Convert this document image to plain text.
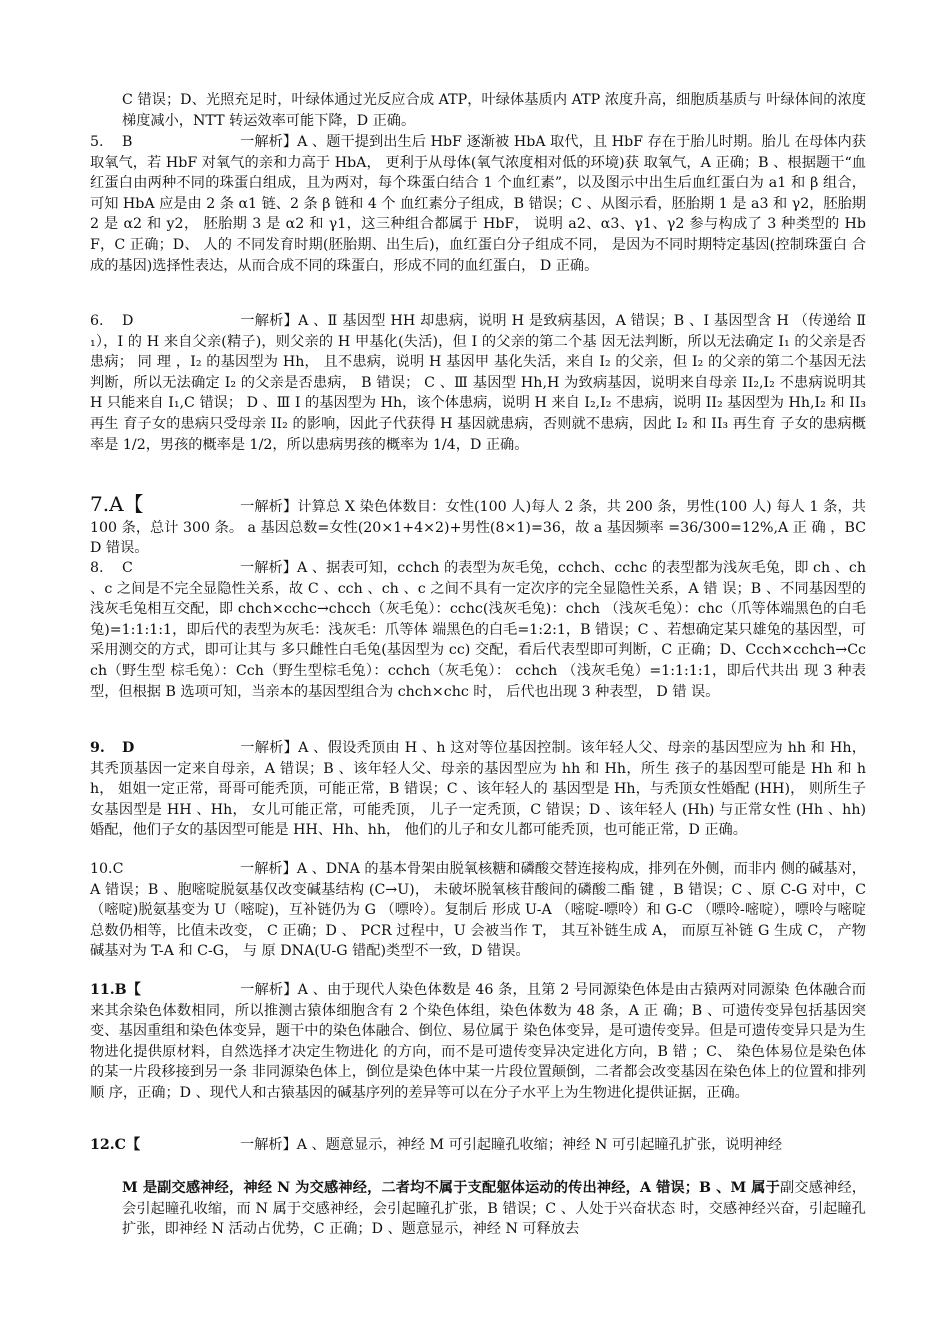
C 错误；D、光照充足时，叶绿体通过光反应合成 ATP，叶绿体基质内 ATP 浓度升高，细胞质基质与 叶绿体间的浓度梯度减小，NTT 转运效率可能下降，D 正确。
5. B	一解析】A 、题干提到出生后 HbF 逐渐被 HbA 取代，且 HbF 存在于胎儿时期。胎儿 在母体内获取氧气，若 HbF 对氧气的亲和力高于 HbA， 更利于从母体(氧气浓度相对低的环境)获 取氧气，A 正确；B 、根据题干“血红蛋白由两种不同的珠蛋白组成，且为两对，每个珠蛋白结合 1 个血红素”，以及图示中出生后血红蛋白为 a1 和 β 组合，可知 HbA 应是由 2 条 α1 链、2 条 β 链和 4 个 血红素分子组成，B 错误；C 、从图示看，胚胎期 1 是 a3 和 γ2，胚胎期 2 是 α2 和 y2， 胚胎期 3 是 α2 和 γ1，这三种组合都属于 HbF， 说明 a2、α3、γ1、γ2 参与构成了 3 种类型的 HbF，C 正确；D、 人的 不同发育时期(胚胎期、出生后)，血红蛋白分子组成不同， 是因为不同时期特定基因(控制珠蛋白 合成的基因)选择性表达，从而合成不同的珠蛋白，形成不同的血红蛋白， D 正确。
6. D	一解析】A 、Ⅱ 基因型 HH 却患病，说明 H 是致病基因，A 错误；B 、I 基因型含 H （传递给 Ⅱ₁），I 的 H 来自父亲(精子)，则父亲的 H 甲基化(失活)，但 I 的父亲的第二个基 因无法判断，所以无法确定 I₁ 的父亲是否患病； 同 理 ，I₂ 的基因型为 Hh， 且不患病，说明 H 基因甲 基化失活，来自 I₂ 的父亲，但 I₂ 的父亲的第二个基因无法判断，所以无法确定 I₂ 的父亲是否患病， B 错误； C 、Ⅲ 基因型 Hh,H 为致病基因，说明来自母亲 II₂,I₂ 不患病说明其 H 只能来自 I₁,C 错误； D 、Ⅲ I 的基因型为 Hh，该个体患病，说明 H 来自 I₂,I₂ 不患病，说明 II₂ 基因型为 Hh,I₂ 和 II₃ 再生 育子女的患病只受母亲 II₂ 的影响，因此子代获得 H 基因就患病，否则就不患病，因此 I₂ 和 II₃ 再生育 子女的患病概率是 1/2，男孩的概率是 1/2，所以患病男孩的概率为 1/4，D 正确。
7.A【	一解析】计算总 X 染色体数目：女性(100 人)每人 2 条，共 200 条，男性(100 人) 每人 1 条，共 100 条，总计 300 条。 a 基因总数=女性(20×1+4×2)+男性(8×1)=36，故 a 基因频率 =36/300=12%,A 正 确 ，BCD 错误。
8. C	一解析】A 、据表可知，cchch 的表型为灰毛兔，cchch、cchc 的表型都为浅灰毛兔，即 ch 、ch 、c 之间是不完全显隐性关系，故 C 、cch 、ch 、c 之间不具有一定次序的完全显隐性关系，A 错 误；B 、不同基因型的浅灰毛兔相互交配，即 chch×cchc→chcch（灰毛兔）：cchc(浅灰毛兔)：chch （浅灰毛兔）：chc（爪等体端黑色的白毛兔)=1:1:1:1，即后代的表型为灰毛：浅灰毛：爪等体 端黑色的白毛=1:2:1，B 错误；C 、若想确定某只雄兔的基因型，可采用测交的方式，即可让其与 多只雌性白毛兔(基因型为 cc) 交配，看后代表型即可判断，C 正确；D、Ccch×cchch→Ccch（野生型 棕毛兔）：Cch（野生型棕毛兔）：cchch（灰毛兔）： cchch （浅灰毛兔）=1:1:1:1，即后代共出 现 3 种表型，但根据 B 选项可知，当亲本的基因型组合为 chch×chc 时， 后代也出现 3 种表型， D 错 误。
9. D	一解析】A 、假设秃顶由 H 、h 这对等位基因控制。该年轻人父、母亲的基因型应为 hh 和 Hh，其秃顶基因一定来自母亲，A 错误；B 、该年轻人父、母亲的基因型应为 hh 和 Hh，所生 孩子的基因型可能是 Hh 和 hh， 姐姐一定正常，哥哥可能秃顶，可能正常，B 错误；C 、该年轻人的 基因型是 Hh，与秃顶女性婚配 (HH)， 则所生子女基因型是 HH 、Hh， 女儿可能正常，可能秃顶， 儿子一定秃顶，C 错误；D 、该年轻人 (Hh) 与正常女性 (Hh 、hh) 婚配，他们子女的基因型可能是 HH、Hh、hh， 他们的儿子和女儿都可能秃顶，也可能正常，D 正确。
10.C	一解析】A 、DNA 的基本骨架由脱氧核糖和磷酸交替连接构成，排列在外侧，而非内 侧的碱基对，A 错误；B 、胞嘧啶脱氨基仅改变碱基结构 (C→U)， 未破坏脱氧核苷酸间的磷酸二酯 键 ，B 错误；C 、原 C-G 对中，C （嘧啶)脱氨基变为 U（嘧啶)，互补链仍为 G （嘌呤）。复制后 形成 U-A （嘧啶-嘌呤）和 G-C （嘌呤-嘧啶），嘌呤与嘧啶总数仍相等，比值未改变， C 正确；D 、 PCR 过程中，U 会被当作 T， 其互补链生成 A， 而原互补链 G 生成 C， 产物碱基对为 T-A 和 C-G， 与 原 DNA(U-G 错配)类型不一致，D 错误。
11.B【	一解析】A 、由于现代人染色体数是 46 条，且第 2 号同源染色体是由古猿两对同源染 色体融合而来其余染色体数相同，所以推测古猿体细胞含有 2 个染色体组，染色体数为 48 条，A 正 确；B 、可遗传变异包括基因突变、基因重组和染色体变异，题干中的染色体融合、倒位、易位属于 染色体变异，是可遗传变异。但是可遗传变异只是为生物进化提供原材料，自然选择才决定生物进化 的方向，而不是可遗传变异决定进化方向，B 错 ；C、 染色体易位是染色体的某一片段移接到另一条 非同源染色体上，倒位是染色体中某一片段位置颠倒，二者都会改变基因在染色体上的位置和排列顺 序，正确；D 、现代人和古猿基因的碱基序列的差异等可以在分子水平上为生物进化提供证据，正确。
12.C【	一解析】A 、题意显示，神经 M 可引起瞳孔收缩；神经 N 可引起瞳孔扩张，说明神经
M 是副交感神经，神经 N 为交感神经，二者均不属于支配躯体运动的传出神经，A 错误；B 、M 属于副交感神经， 会引起瞳孔收缩，而 N 属于交感神经，会引起瞳孔扩张，B 错误；C 、人处于兴奋状态 时，交感神经兴奋，引起瞳孔扩张，即神经 N 活动占优势，C 正确；D 、题意显示，神经 N 可释放去
